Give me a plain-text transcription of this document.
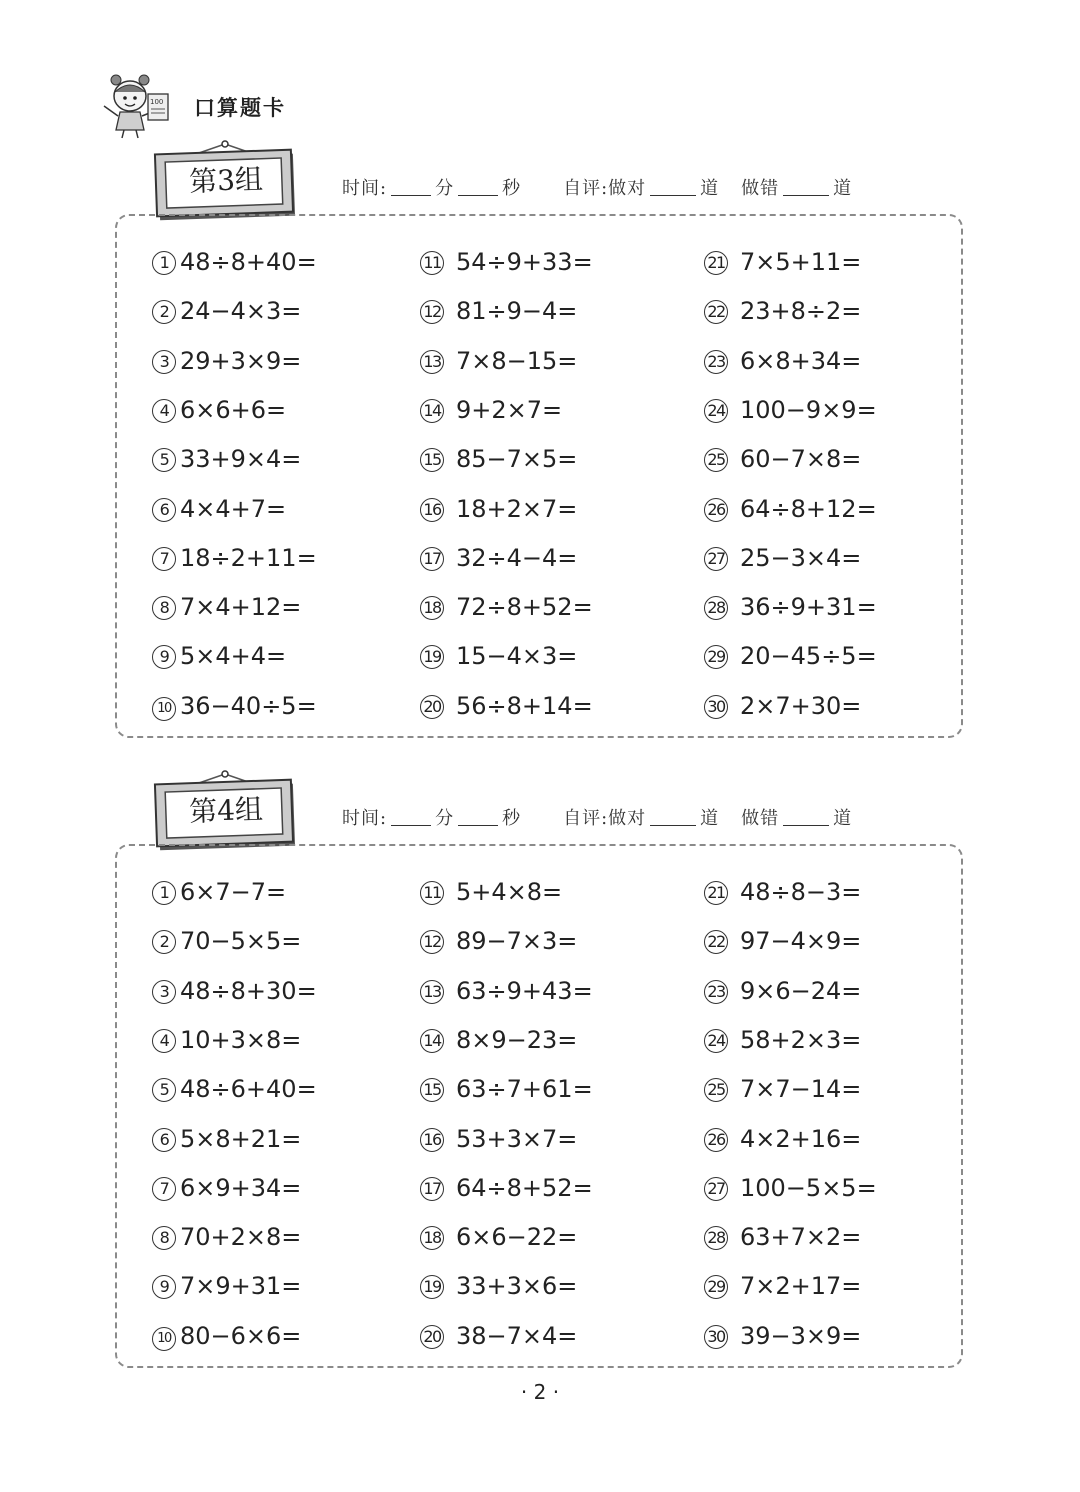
100 口算题卡
第3组	时间:	分	秒 自评:做对	道 做错	道
1 48÷8+40=
2 24−4×3=
3 29+3×9=
4 6×6+6=
5 33+9×4=
6 4×4+7=
7 18÷2+11=
8 7×4+12=
9 5×4+4=
10 36−40÷5=
11 54÷9+33=
12 81÷9−4=
13 7×8−15=
14 9+2×7=
15 85−7×5=
16 18+2×7=
17 32÷4−4=
18 72÷8+52=
19 15−4×3=
20 56÷8+14=
21 7×5+11=
22 23+8÷2=
23 6×8+34=
24 100−9×9=
25 60−7×8=
26 64÷8+12=
27 25−3×4=
28 36÷9+31=
29 20−45÷5=
30 2×7+30=
第4组	时间:	分	秒 自评:做对	道 做错	道
1 6×7−7=
2 70−5×5=
3 48÷8+30=
4 10+3×8=
5 48÷6+40=
6 5×8+21=
7 6×9+34=
8 70+2×8=
9 7×9+31=
10 80−6×6=
11 5+4×8=
12 89−7×3=
13 63÷9+43=
14 8×9−23=
15 63÷7+61=
16 53+3×7=
17 64÷8+52=
18 6×6−22=
19 33+3×6=
20 38−7×4=
21 48÷8−3=
22 97−4×9=
23 9×6−24=
24 58+2×3=
25 7×7−14=
26 4×2+16=
27 100−5×5=
28 63+7×2=
29 7×2+17=
30 39−3×9=
· 2 ·
